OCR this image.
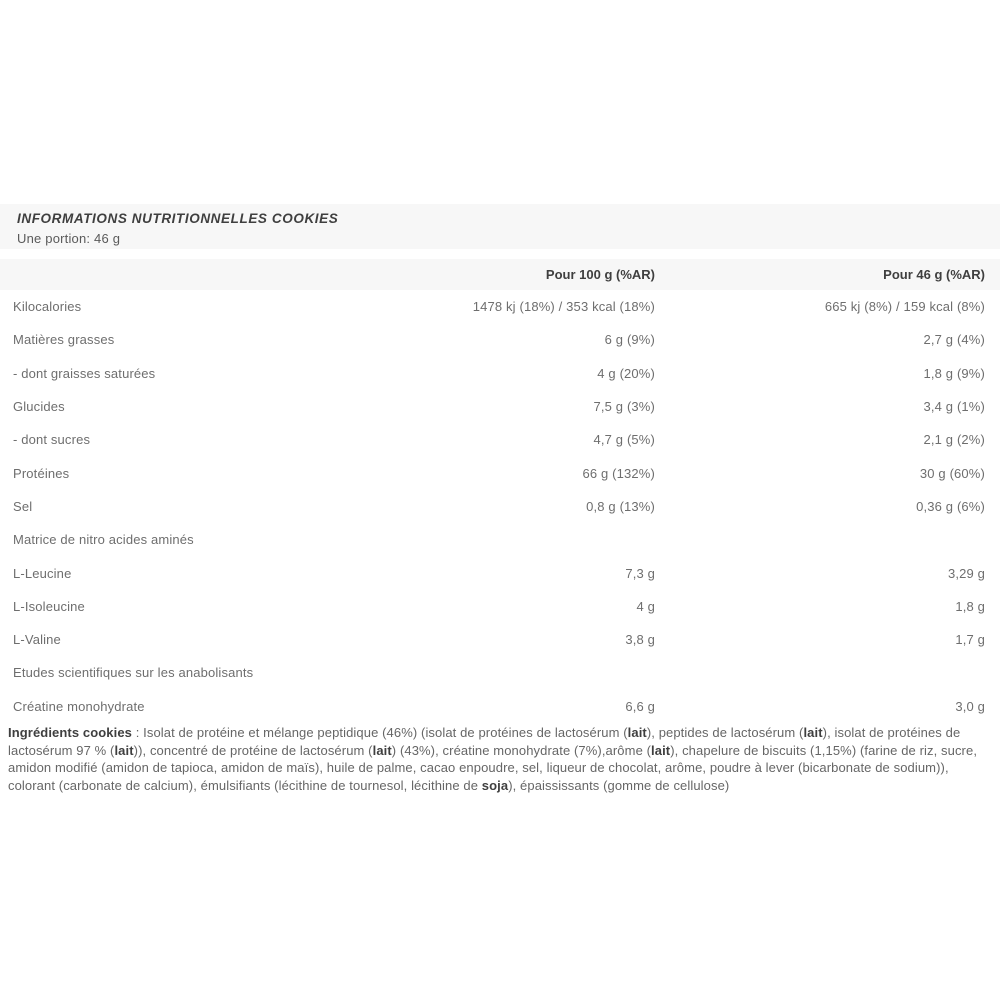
INFORMATIONS NUTRITIONNELLES COOKIES
Une portion: 46 g
Pour 100 g (%AR)	Pour 46 g (%AR)
Kilocalories	1478 kj (18%) / 353 kcal (18%)	665 kj (8%) / 159 kcal (8%)
Matières grasses	6 g (9%)	2,7 g (4%)
- dont graisses saturées	4 g (20%)	1,8 g (9%)
Glucides	7,5 g (3%)	3,4 g (1%)
- dont sucres	4,7 g (5%)	2,1 g (2%)
Protéines	66 g (132%)	30 g (60%)
Sel	0,8 g (13%)	0,36 g (6%)
Matrice de nitro acides aminés
L-Leucine	7,3 g	3,29 g
L-Isoleucine	4 g	1,8 g
L-Valine	3,8 g	1,7 g
Etudes scientifiques sur les anabolisants
Créatine monohydrate	6,6 g	3,0 g

Ingrédients cookies : Isolat de protéine et mélange peptidique (46%) (isolat de protéines de lactosérum (lait), peptides de lactosérum (lait), isolat de protéines de lactosérum 97 % (lait)), concentré de protéine de lactosérum (lait) (43%), créatine monohydrate (7%),arôme (lait), chapelure de biscuits (1,15%) (farine de riz, sucre, amidon modifié (amidon de tapioca, amidon de maïs), huile de palme, cacao enpoudre, sel, liqueur de chocolat, arôme, poudre à lever (bicarbonate de sodium)), colorant (carbonate de calcium), émulsifiants (lécithine de tournesol, lécithine de soja), épaississants (gomme de cellulose)
